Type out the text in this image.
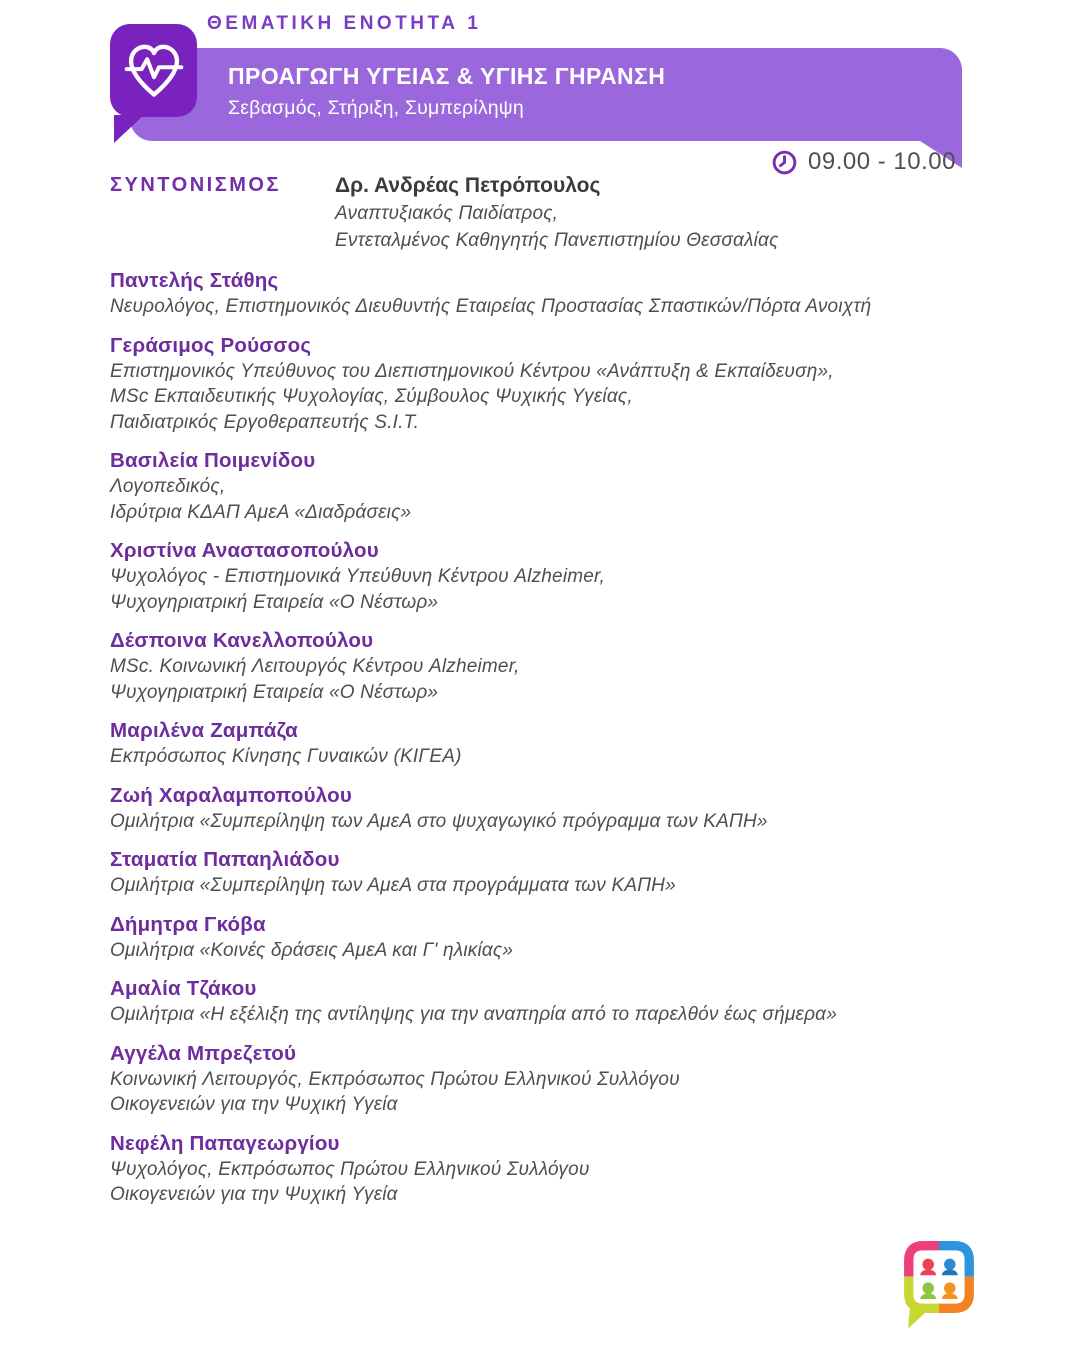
ΘΕΜΑΤΙΚΗ ΕΝΟΤΗΤΑ 1
ΠΡΟΑΓΩΓΗ ΥΓΕΙΑΣ & ΥΓΙΗΣ ΓΗΡΑΝΣΗ
Σεβασμός, Στήριξη, Συμπερίληψη
09.00 - 10.00
ΣΥΝΤΟΝΙΣΜΟΣ	Δρ. Ανδρέας Πετρόπουλος
Αναπτυξιακός Παιδίατρος,
Εντεταλμένος Καθηγητής Πανεπιστημίου Θεσσαλίας
Παντελής Στάθης
Νευρολόγος, Επιστημονικός Διευθυντής Εταιρείας Προστασίας Σπαστικών/Πόρτα Ανοιχτή
Γεράσιμος Ρούσσος
Επιστημονικός Υπεύθυνος του Διεπιστημονικού Κέντρου «Ανάπτυξη & Εκπαίδευση»,
MSc Εκπαιδευτικής Ψυχολογίας, Σύμβουλος Ψυχικής Υγείας,
Παιδιατρικός Εργοθεραπευτής S.I.T.
Βασιλεία Ποιμενίδου
Λογοπεδικός,
Ιδρύτρια ΚΔΑΠ ΑμεΑ «Διαδράσεις»
Χριστίνα Αναστασοπούλου
Ψυχολόγος - Επιστημονικά Υπεύθυνη Κέντρου Alzheimer,
Ψυχογηριατρική Εταιρεία «Ο Νέστωρ»
Δέσποινα Κανελλοπούλου
MSc. Κοινωνική Λειτουργός Κέντρου Alzheimer,
Ψυχογηριατρική Εταιρεία «Ο Νέστωρ»
Μαριλένα Ζαμπάζα
Εκπρόσωπος Κίνησης Γυναικών (ΚΙΓΕΑ)
Ζωή Χαραλαμποπούλου
Ομιλήτρια «Συμπερίληψη των ΑμεΑ στο ψυχαγωγικό πρόγραμμα των ΚΑΠΗ»
Σταματία Παπαηλιάδου
Ομιλήτρια «Συμπερίληψη των ΑμεΑ στα προγράμματα των ΚΑΠΗ»
Δήμητρα Γκόβα
Ομιλήτρια «Κοινές δράσεις ΑμεΑ και Γ' ηλικίας»
Αμαλία Τζάκου
Ομιλήτρια «Η εξέλιξη της αντίληψης για την αναπηρία από το παρελθόν έως σήμερα»
Αγγέλα Μπρεζετού
Κοινωνική Λειτουργός, Εκπρόσωπος Πρώτου Ελληνικού Συλλόγου
Οικογενειών για την Ψυχική Υγεία
Νεφέλη Παπαγεωργίου
Ψυχολόγος, Εκπρόσωπος Πρώτου Ελληνικού Συλλόγου
Οικογενειών για την Ψυχική Υγεία
